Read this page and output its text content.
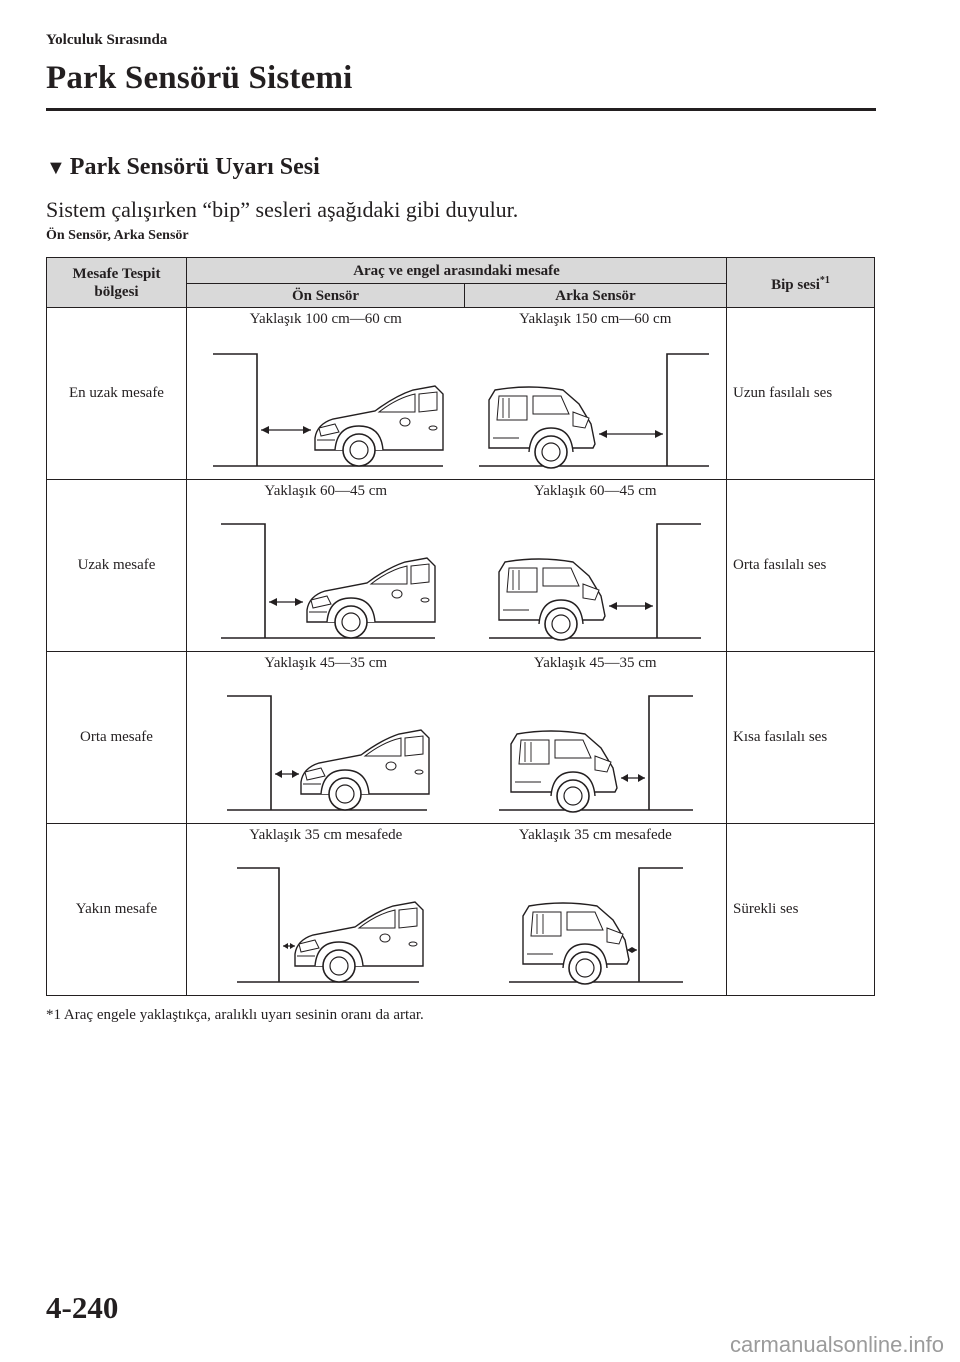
Yolculuk Sırasında
Park Sensörü Sistemi
▼ Park Sensörü Uyarı Sesi
Sistem çalışırken “bip” sesleri aşağıdaki gibi duyulur.
Ön Sensör, Arka Sensör
Mesafe Tespit
bölgesi	Araç ve engel arasındaki mesafe		Bip sesi$^{*1}$
	Ön Sensör	Arka Sensör	
En uzak mesafe	Yaklaşık 100 cm—60 cm	Yaklaşık 150 cm—60 cm	Uzun fasılalı ses
Uzak mesafe	Yaklaşık 60—45 cm	Yaklaşık 60—45 cm	Orta fasılalı ses
Orta mesafe	Yaklaşık 45—35 cm	Yaklaşık 45—35 cm	Kısa fasılalı ses
Yakın mesafe	Yaklaşık 35 cm mesafede	Yaklaşık 35 cm mesafede	Sürekli ses
*1 Araç engele yaklaştıkça, aralıklı uyarı sesinin oranı da artar.
4-240
carmanualsonline.info
